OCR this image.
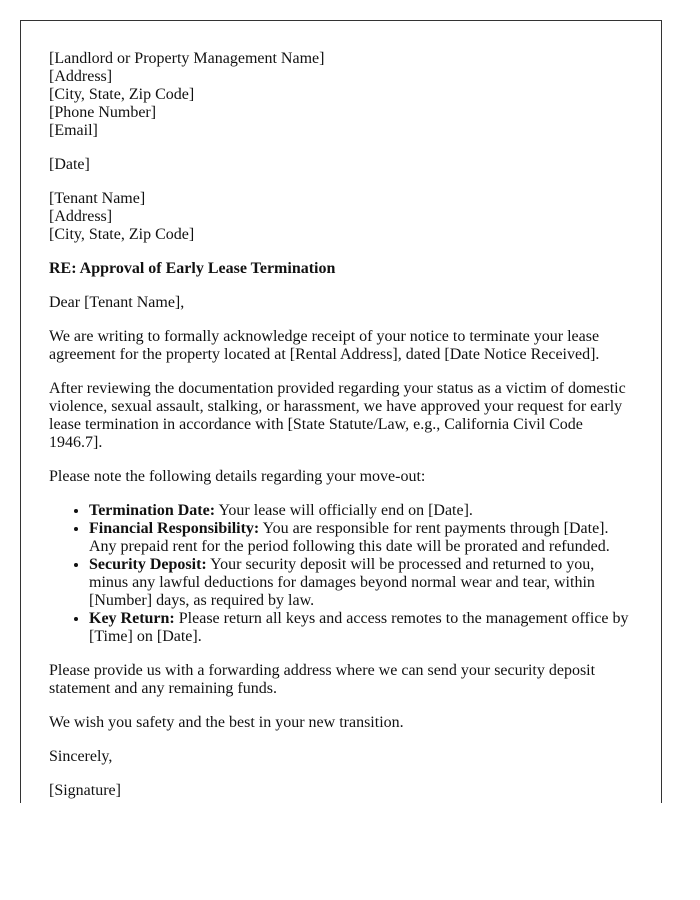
[Landlord or Property Management Name]
[Address]
[City, State, Zip Code]
[Phone Number]
[Email]
[Date]
[Tenant Name]
[Address]
[City, State, Zip Code]
RE: Approval of Early Lease Termination
Dear [Tenant Name],

We are writing to formally acknowledge receipt of your notice to terminate your lease agreement for the property located at [Rental Address], dated [Date Notice Received].

After reviewing the documentation provided regarding your status as a victim of domestic violence, sexual assault, stalking, or harassment, we have approved your request for early lease termination in accordance with [State Statute/Law, e.g., California Civil Code 1946.7].

Please note the following details regarding your move-out:

• Termination Date: Your lease will officially end on [Date].
• Financial Responsibility: You are responsible for rent payments through [Date]. Any prepaid rent for the period following this date will be prorated and refunded.
• Security Deposit: Your security deposit will be processed and returned to you, minus any lawful deductions for damages beyond normal wear and tear, within [Number] days, as required by law.
• Key Return: Please return all keys and access remotes to the management office by [Time] on [Date].

Please provide us with a forwarding address where we can send your security deposit statement and any remaining funds.

We wish you safety and the best in your new transition.

Sincerely,
[Signature]
